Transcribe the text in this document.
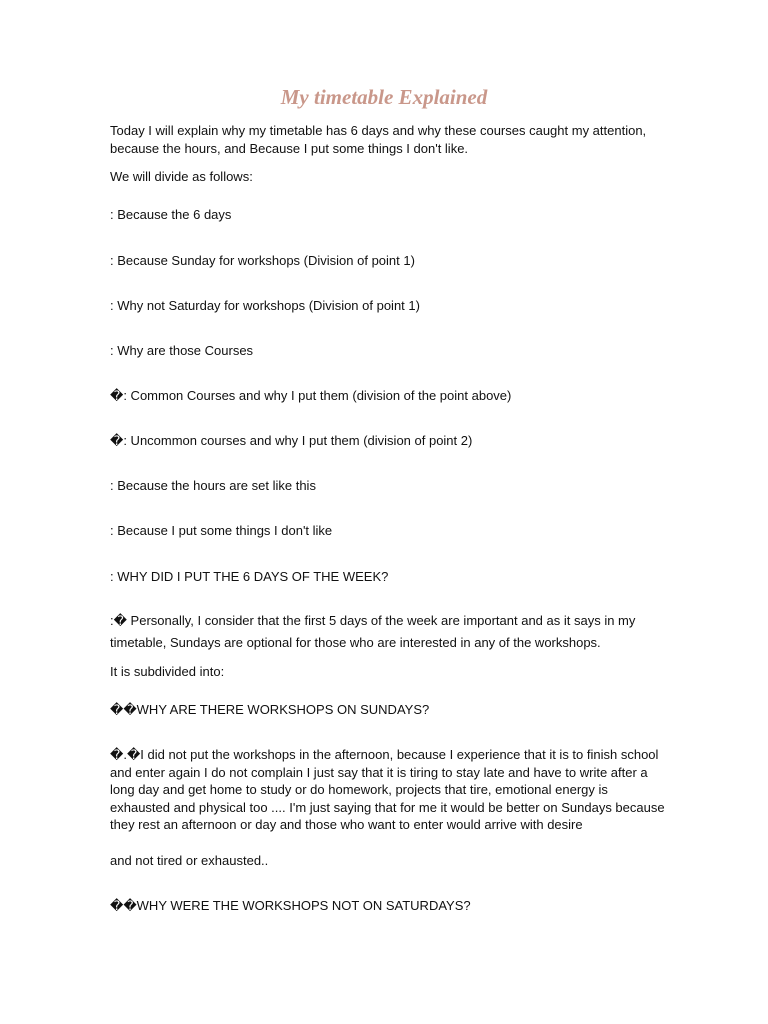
My timetable Explained

Today I will explain why my timetable has 6 days and why these courses caught my attention, because the hours, and Because I put some things I don't like.

We will divide as follows:

: Because the 6 days

: Because Sunday for workshops (Division of point 1)

: Why not Saturday for workshops (Division of point 1)

: Why are those Courses

�: Common Courses and why I put them (division of the point above)

�: Uncommon courses and why I put them (division of point 2)

: Because the hours are set like this

: Because I put some things I don't like

: WHY DID I PUT THE 6 DAYS OF THE WEEK?

:� Personally, I consider that the first 5 days of the week are important and as it says in my timetable, Sundays are optional for those who are interested in any of the workshops.

It is subdivided into:

��WHY ARE THERE WORKSHOPS ON SUNDAYS?

�.�I did not put the workshops in the afternoon, because I experience that it is to finish school and enter again I do not complain I just say that it is tiring to stay late and have to write after a long day and get home to study or do homework, projects that tire, emotional energy is exhausted and physical too .... I'm just saying that for me it would be better on Sundays because they rest an afternoon or day and those who want to enter would arrive with desire

and not tired or exhausted..

��WHY WERE THE WORKSHOPS NOT ON SATURDAYS?
